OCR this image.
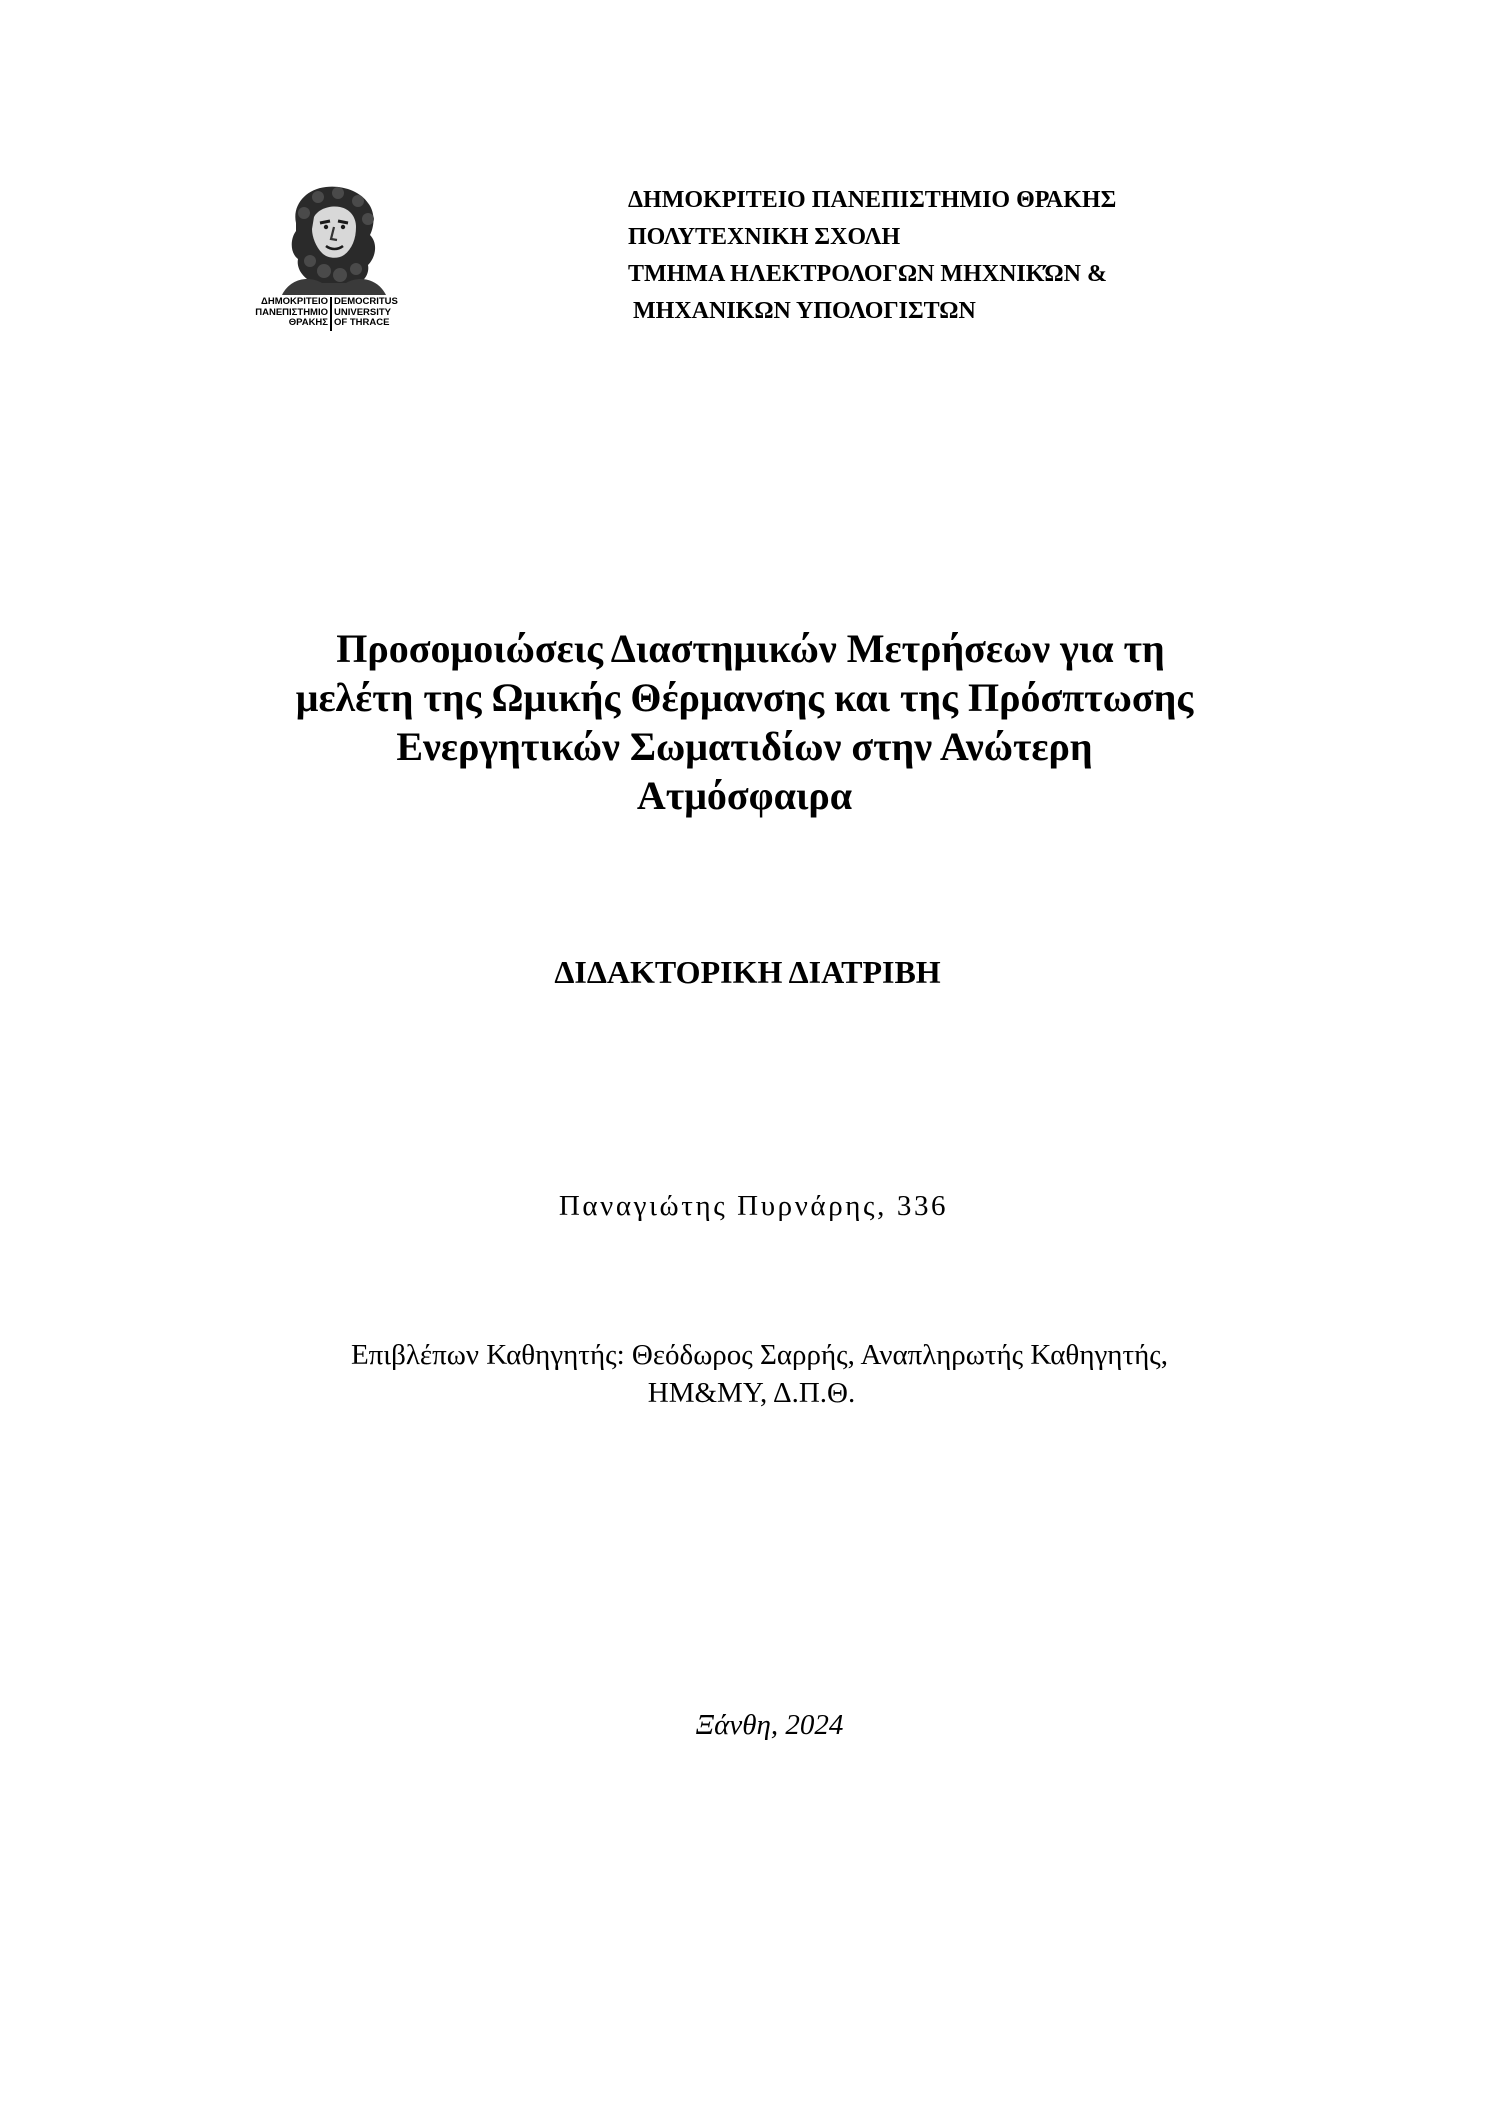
ΔΗΜΟΚΡΙΤΕΙΟ
ΠΑΝΕΠΙΣΤΗΜΙΟ
ΘΡΑΚΗΣ
DEMOCRITUS
UNIVERSITY
OF THRACE
ΔΗΜΟΚΡΙΤΕΙΟ ΠΑΝΕΠΙΣΤΗΜΙΟ ΘΡΑΚΗΣ
ΠΟΛΥΤΕΧΝΙΚΗ ΣΧΟΛΗ
ΤΜΗΜΑ ΗΛΕΚΤΡΟΛΟΓΩΝ ΜΗΧΝΙΚΏΝ &
ΜΗΧΑΝΙΚΩΝ ΥΠΟΛΟΓΙΣΤΩΝ
Προσομοιώσεις Διαστημικών Μετρήσεων για τη
μελέτη της Ωμικής Θέρμανσης και της Πρόσπτωσης
Ενεργητικών Σωματιδίων στην Ανώτερη
Ατμόσφαιρα
ΔΙΔΑΚΤΟΡΙΚΗ ΔΙΑΤΡΙΒΗ
Παναγιώτης Πυρνάρης, 336
Επιβλέπων Καθηγητής: Θεόδωρος Σαρρής, Αναπληρωτής Καθηγητής,
ΗΜ&ΜΥ, Δ.Π.Θ.
Ξάνθη, 2024
